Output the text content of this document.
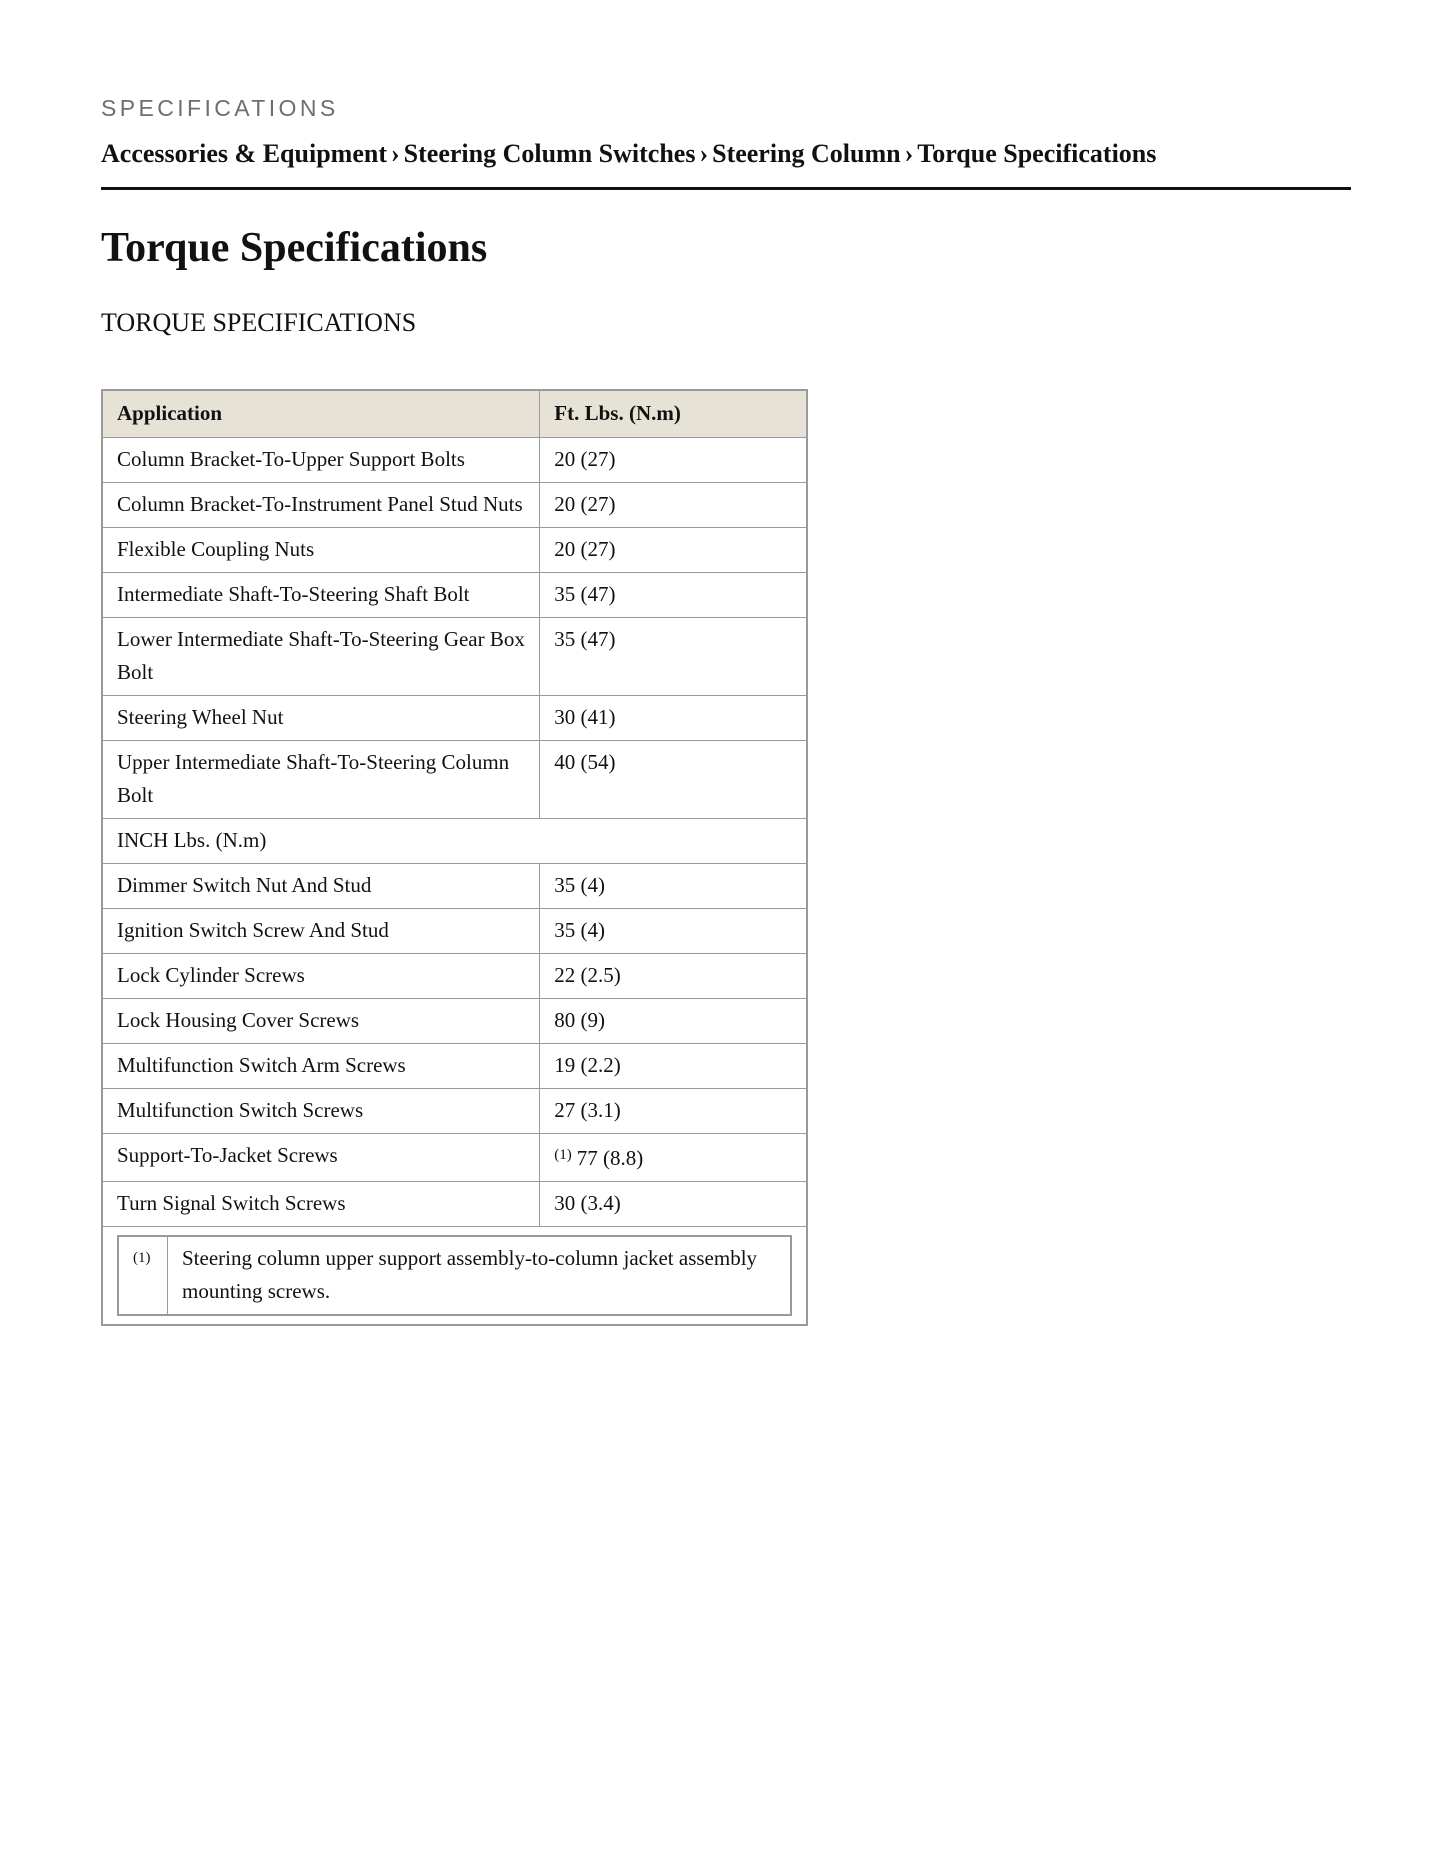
SPECIFICATIONS
Accessories & Equipment › Steering Column Switches › Steering Column › Torque Specifications
Torque Specifications
TORQUE SPECIFICATIONS
Application	Ft. Lbs. (N.m)
Column Bracket-To-Upper Support Bolts	20 (27)
Column Bracket-To-Instrument Panel Stud Nuts	20 (27)
Flexible Coupling Nuts	20 (27)
Intermediate Shaft-To-Steering Shaft Bolt	35 (47)
Lower Intermediate Shaft-To-Steering Gear Box Bolt	35 (47)
Steering Wheel Nut	30 (41)
Upper Intermediate Shaft-To-Steering Column Bolt	40 (54)
INCH Lbs. (N.m)
Dimmer Switch Nut And Stud	35 (4)
Ignition Switch Screw And Stud	35 (4)
Lock Cylinder Screws	22 (2.5)
Lock Housing Cover Screws	80 (9)
Multifunction Switch Arm Screws	19 (2.2)
Multifunction Switch Screws	27 (3.1)
Support-To-Jacket Screws	$^{(1)}$ 77 (8.8)
Turn Signal Switch Screws	30 (3.4)

(1)	Steering column upper support assembly-to-column jacket assembly mounting screws.
